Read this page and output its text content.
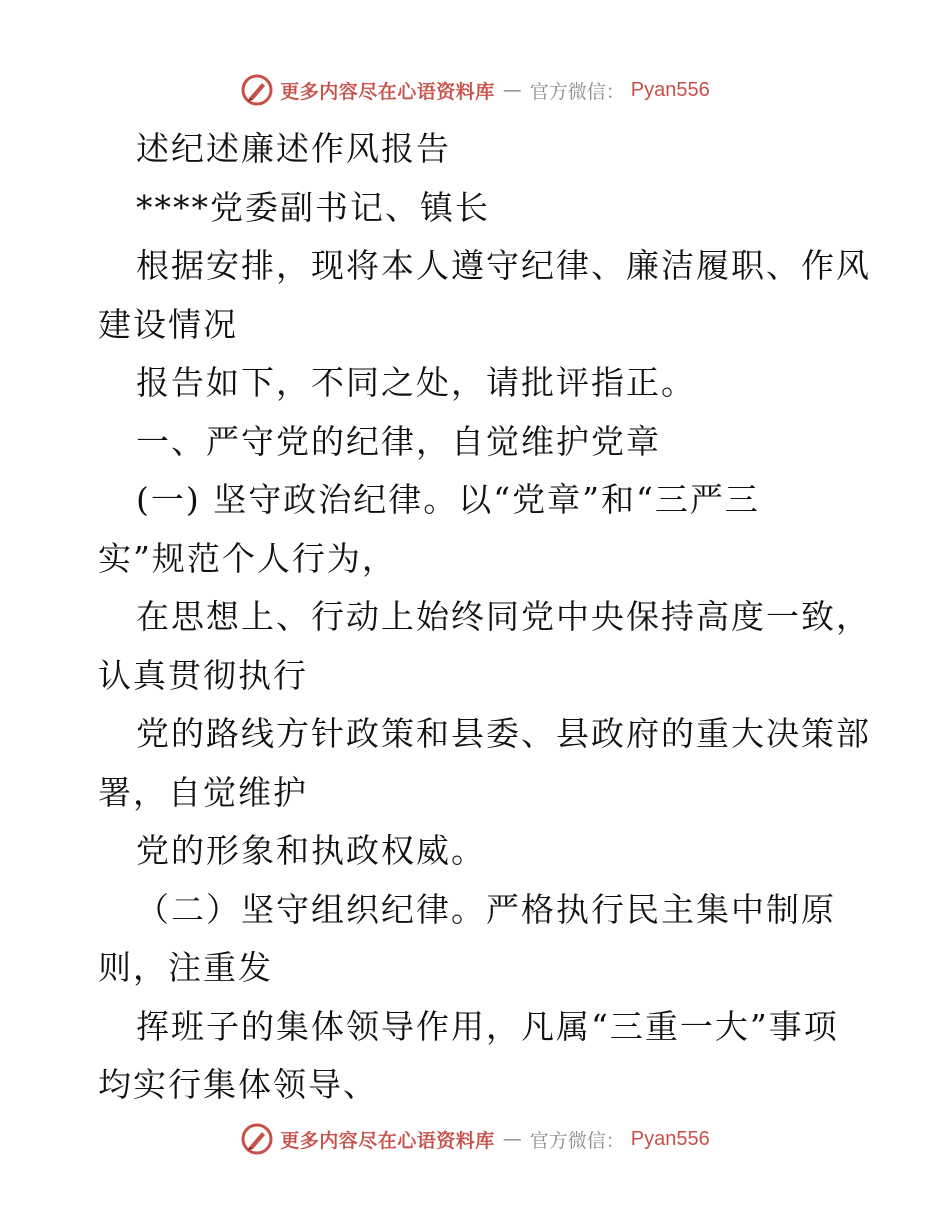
更多内容尽在心语资料库 — 官方微信： Pyan556
述纪述廉述作风报告
****党委副书记、镇长
根据安排，现将本人遵守纪律、廉洁履职、作风
建设情况
报告如下，不同之处，请批评指正。
一、严守党的纪律，自觉维护党章
(一) 坚守政治纪律。以“党章”和“三严三
实”规范个人行为，
在思想上、行动上始终同党中央保持高度一致，
认真贯彻执行
党的路线方针政策和县委、县政府的重大决策部
署，自觉维护
党的形象和执政权威。
（二）坚守组织纪律。严格执行民主集中制原
则，注重发
挥班子的集体领导作用，凡属“三重一大”事项
均实行集体领导、
更多内容尽在心语资料库 — 官方微信： Pyan556
